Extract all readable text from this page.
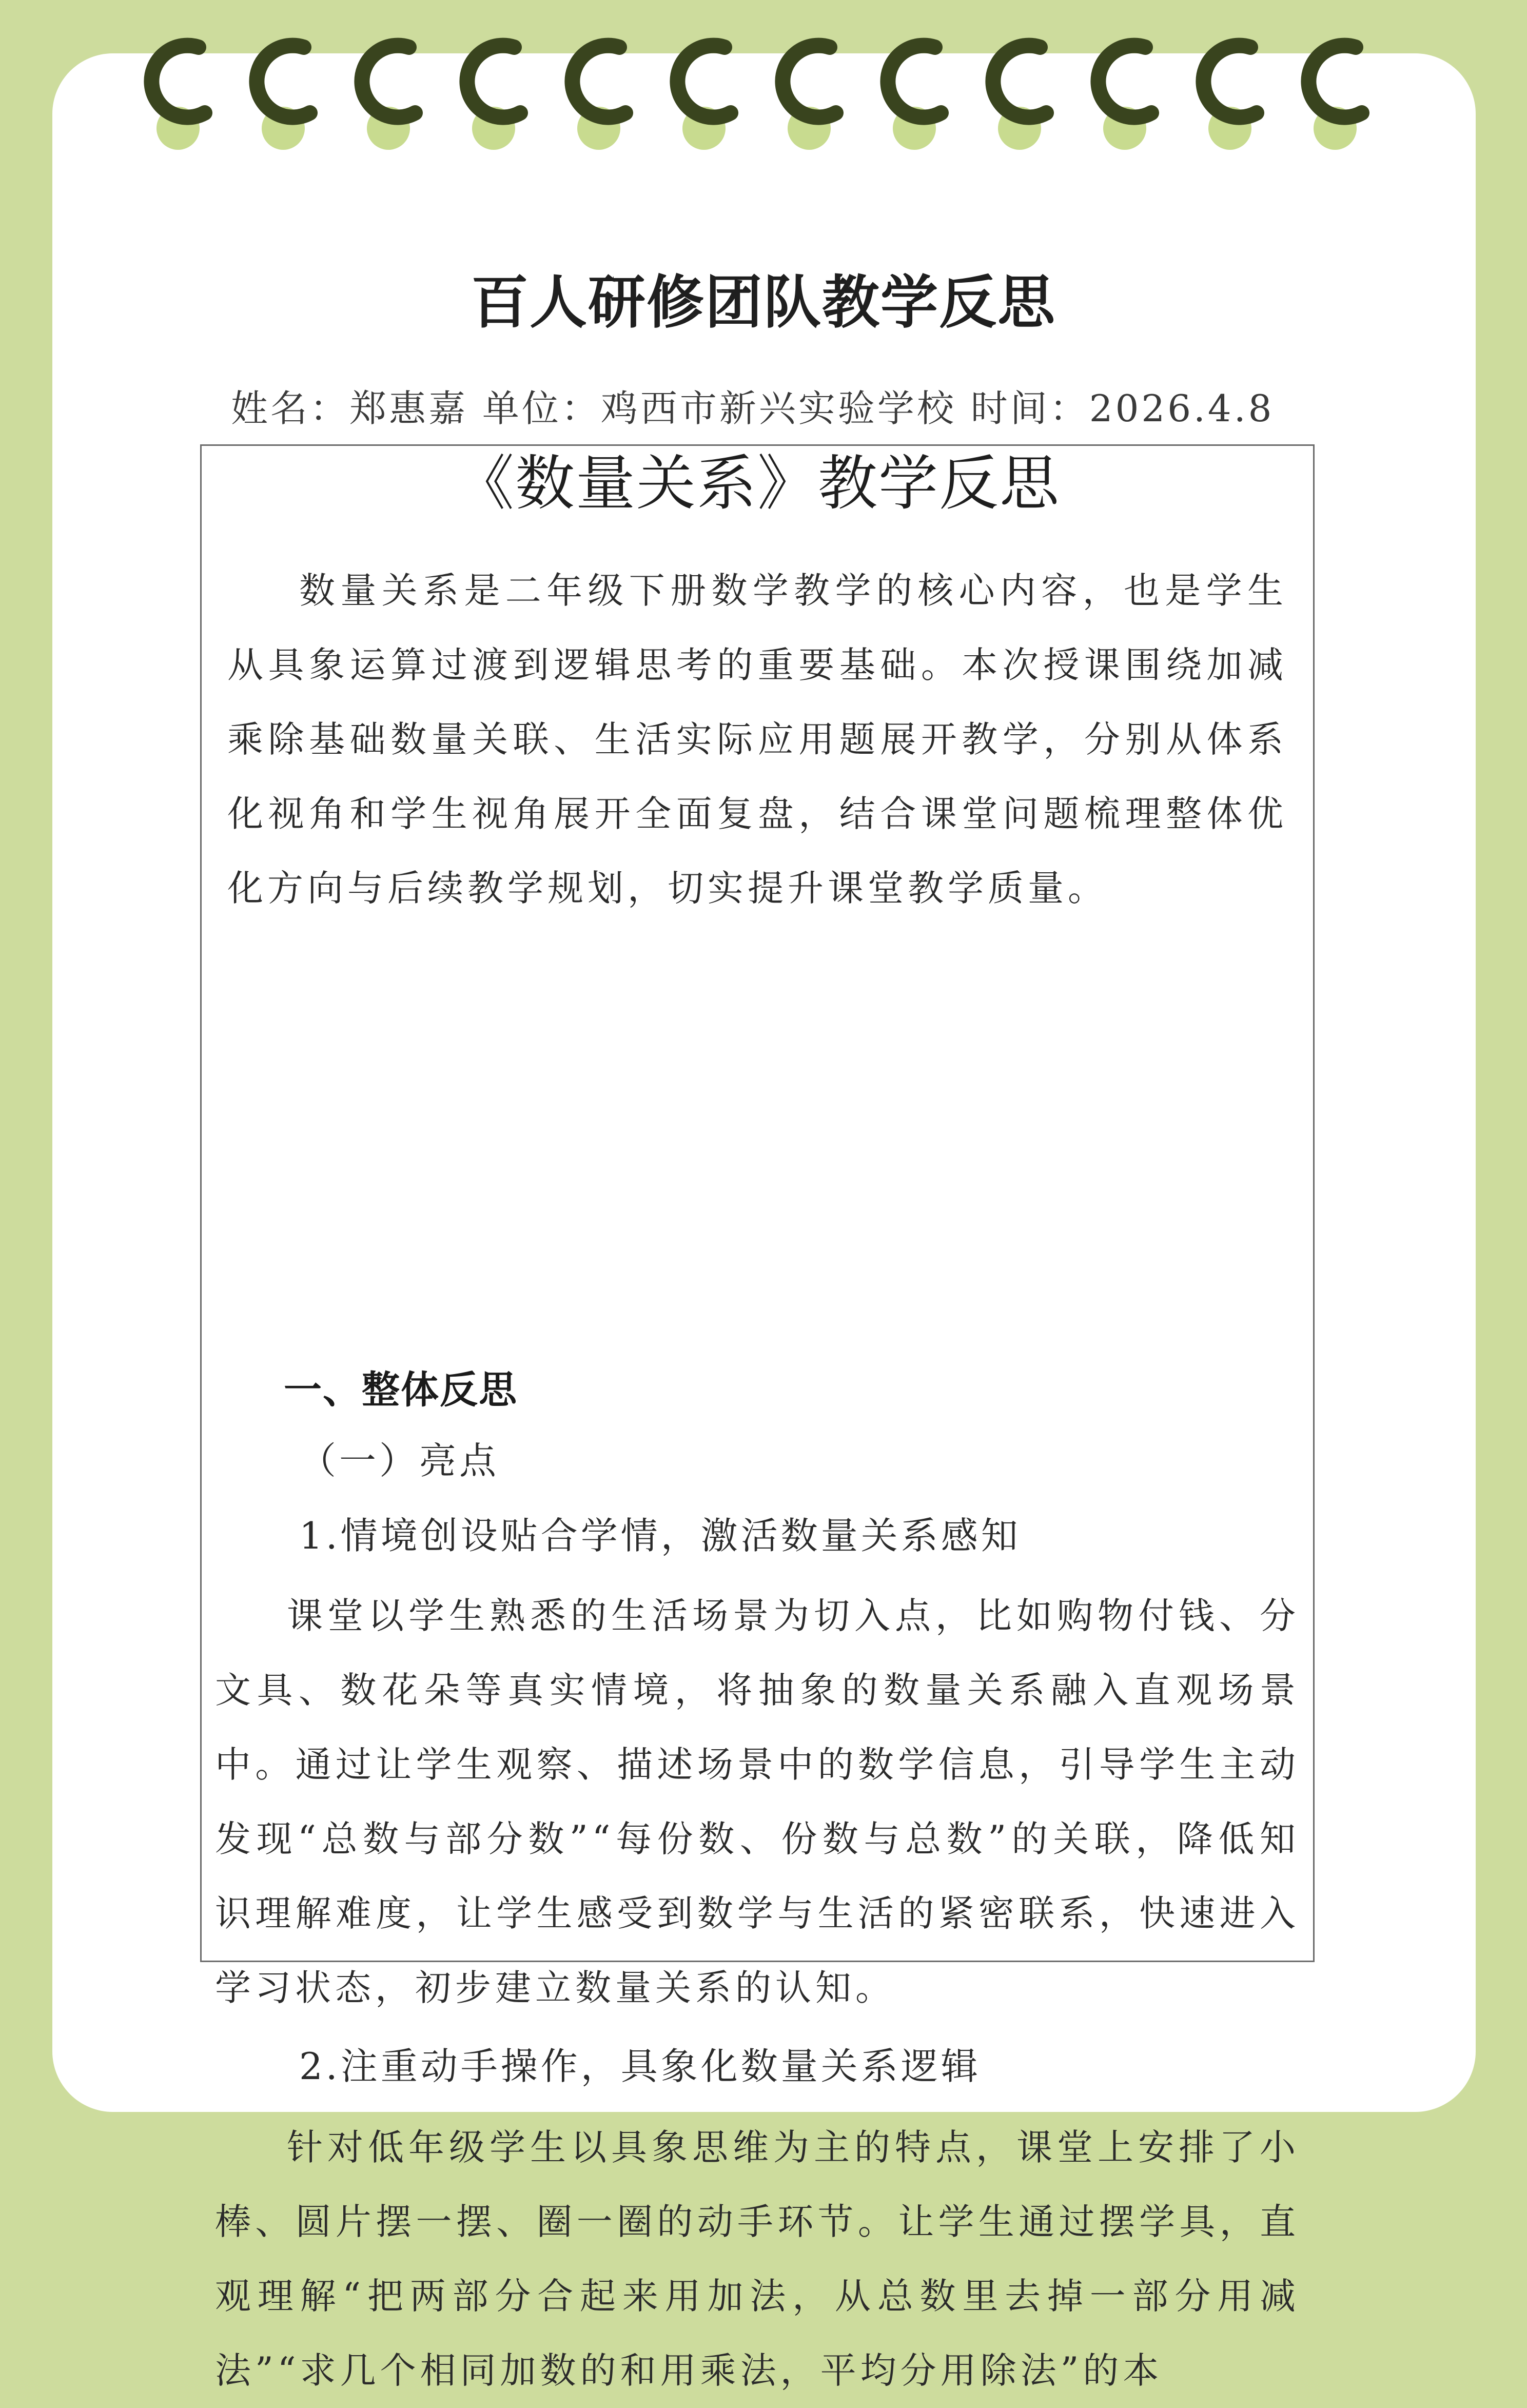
百人研修团队教学反思
姓名：郑惠嘉 单位：鸡西市新兴实验学校 时间：2026.4.8
《数量关系》教学反思

数量关系是二年级下册数学教学的核心内容，也是学生从具象运算过渡到逻辑思考的重要基础。本次授课围绕加减乘除基础数量关联、生活实际应用题展开教学，分别从体系化视角和学生视角展开全面复盘，结合课堂问题梳理整体优化方向与后续教学规划，切实提升课堂教学质量。

一、整体反思
（一）亮点
1.情境创设贴合学情，激活数量关系感知

课堂以学生熟悉的生活场景为切入点，比如购物付钱、分文具、数花朵等真实情境，将抽象的数量关系融入直观场景中。通过让学生观察、描述场景中的数学信息，引导学生主动发现“总数与部分数”“每份数、份数与总数”的关联，降低知识理解难度，让学生感受到数学与生活的紧密联系，快速进入学习状态，初步建立数量关系的认知。

2.注重动手操作，具象化数量关系逻辑

针对低年级学生以具象思维为主的特点，课堂上安排了小棒、圆片摆一摆、圈一圈的动手环节。让学生通过摆学具，直观理解“把两部分合起来用加法，从总数里去掉一部分用减法”“求几个相同加数的和用乘法，平均分用除法”的本
